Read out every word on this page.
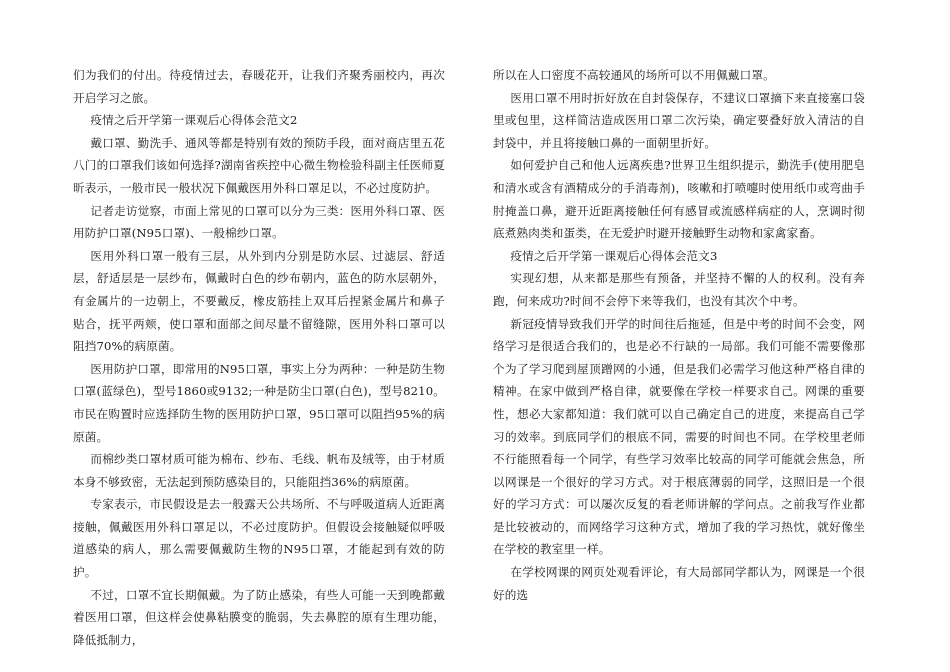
们为我们的付出。待疫情过去，春暖花开，让我们齐聚秀丽校内，再次开启学习之旅。

疫情之后开学第一课观后心得体会范文2

戴口罩、勤洗手、通风等都是特别有效的预防手段，面对商店里五花八门的口罩我们该如何选择?湖南省疾控中心微生物检验科副主任医师夏昕表示，一般市民一般状况下佩戴医用外科口罩足以，不必过度防护。

记者走访觉察，市面上常见的口罩可以分为三类：医用外科口罩、医用防护口罩(N95口罩)、一般棉纱口罩。

医用外科口罩一般有三层，从外到内分别是防水层、过滤层、舒适层，舒适层是一层纱布，佩戴时白色的纱布朝内，蓝色的防水层朝外，有金属片的一边朝上，不要戴反，橡皮筋挂上双耳后捏紧金属片和鼻子贴合，抚平两颊，使口罩和面部之间尽量不留缝隙，医用外科口罩可以阻挡70%的病原菌。

医用防护口罩，即常用的N95口罩，事实上分为两种：一种是防生物口罩(蓝绿色)，型号1860或9132;一种是防尘口罩(白色)，型号8210。市民在购置时应选择防生物的医用防护口罩，95口罩可以阻挡95%的病原菌。

而棉纱类口罩材质可能为棉布、纱布、毛线、帆布及绒等，由于材质本身不够致密，无法起到预防感染目的，只能阻挡36%的病原菌。

专家表示，市民假设是去一般露天公共场所、不与呼吸道病人近距离接触，佩戴医用外科口罩足以，不必过度防护。但假设会接触疑似呼吸道感染的病人，那么需要佩戴防生物的N95口罩，才能起到有效的防护。

不过，口罩不宜长期佩戴。为了防止感染，有些人可能一天到晚都戴着医用口罩，但这样会使鼻粘膜变的脆弱，失去鼻腔的原有生理功能，降低抵制力，

所以在人口密度不高较通风的场所可以不用佩戴口罩。

医用口罩不用时折好放在自封袋保存，不建议口罩摘下来直接塞口袋里或包里，这样简洁造成医用口罩二次污染，确定要叠好放入清洁的自封袋中，并且将接触口鼻的一面朝里折好。

如何爱护自己和他人远离疾患?世界卫生组织提示，勤洗手(使用肥皂和清水或含有酒精成分的手消毒剂)，咳嗽和打喷嚏时使用纸巾或弯曲手肘掩盖口鼻，避开近距离接触任何有感冒或流感样病症的人，烹调时彻底煮熟肉类和蛋类，在无爱护时避开接触野生动物和家禽家畜。

疫情之后开学第一课观后心得体会范文3

实现幻想，从来都是那些有预备，并坚持不懈的人的权利。没有奔跑，何来成功?时间不会停下来等我们，也没有其次个中考。

新冠疫情导致我们开学的时间往后拖延，但是中考的时间不会变，网络学习是很适合我们的，也是必不行缺的一局部。我们可能不需要像那个为了学习爬到屋顶蹭网的小通，但是我们必需学习他这种严格自律的精神。在家中做到严格自律，就要像在学校一样要求自己。网课的重要性，想必大家都知道：我们就可以自己确定自己的进度，来提高自己学习的效率。到底同学们的根底不同，需要的时间也不同。在学校里老师不行能照看每一个同学，有些学习效率比较高的同学可能就会焦急，所以网课是一个很好的学习方式。对于根底薄弱的同学，这照旧是一个很好的学习方式：可以屡次反复的看老师讲解的学问点。之前我写作业都是比较被动的，而网络学习这种方式，增加了我的学习热忱，就好像坐在学校的教室里一样。

在学校网课的网页处观看评论，有大局部同学都认为，网课是一个很好的选
